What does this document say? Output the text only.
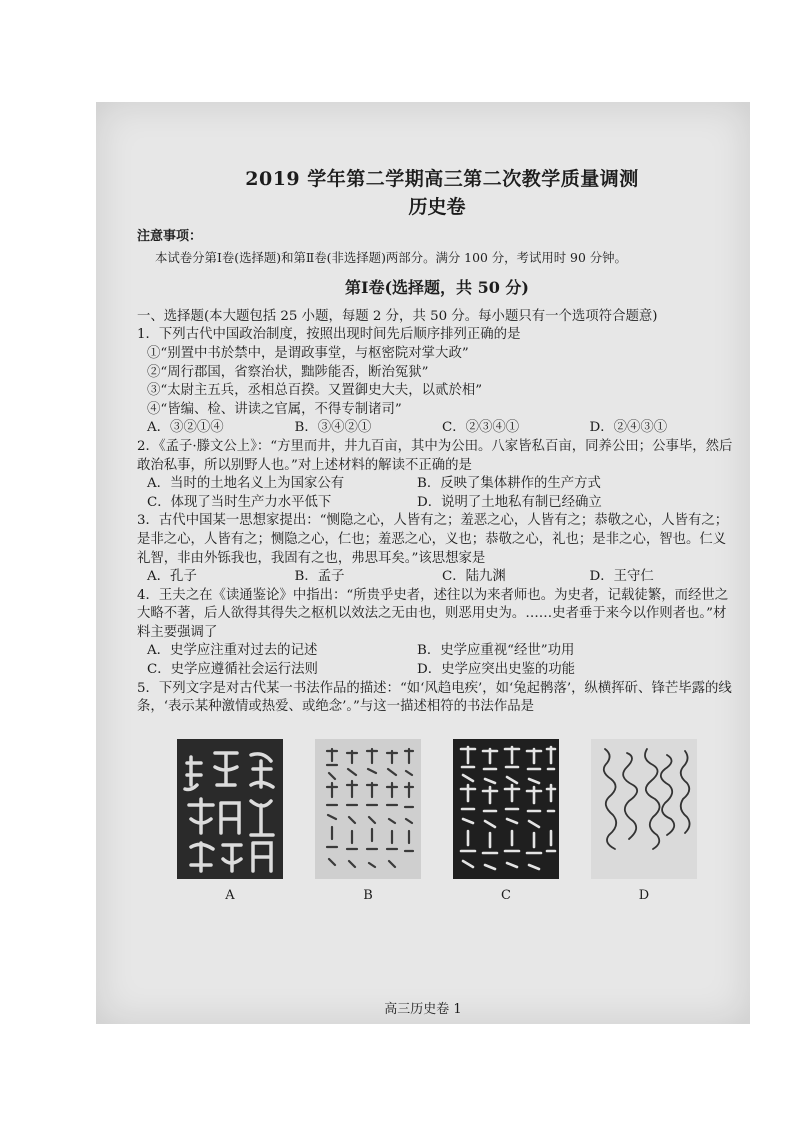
2019 学年第二学期高三第二次教学质量调测
历史卷
注意事项：
本试卷分第Ⅰ卷(选择题)和第Ⅱ卷(非选择题)两部分。满分 100 分，考试用时 90 分钟。
第Ⅰ卷(选择题，共 50 分)
一、选择题(本大题包括 25 小题，每题 2 分，共 50 分。每小题只有一个选项符合题意)
1．下列古代中国政治制度，按照出现时间先后顺序排列正确的是
①“别置中书於禁中，是谓政事堂，与枢密院对掌大政”
②“周行郡国，省察治状，黜陟能否，断治冤狱”
③“太尉主五兵，丞相总百揆。又置御史大夫，以贰於相”
④“皆编、检、讲读之官属，不得专制诸司”
A．③②①④	B．③④②①	C．②③④①	D．②④③①
2．《孟子·滕文公上》：“方里而井，井九百亩，其中为公田。八家皆私百亩，同养公田；公事毕，然后敢治私事，所以别野人也。”对上述材料的解读不正确的是
A．当时的土地名义上为国家公有	B．反映了集体耕作的生产方式
C．体现了当时生产力水平低下	D．说明了土地私有制已经确立
3．古代中国某一思想家提出：“恻隐之心，人皆有之；羞恶之心，人皆有之；恭敬之心，人皆有之；是非之心，人皆有之；恻隐之心，仁也；羞恶之心，义也；恭敬之心，礼也；是非之心，智也。仁义礼智，非由外铄我也，我固有之也，弗思耳矣。”该思想家是
A．孔子	B．孟子	C．陆九渊	D．王守仁
4．王夫之在《读通鉴论》中指出：“所贵乎史者，述往以为来者师也。为史者，记载徒繁，而经世之大略不著，后人欲得其得失之枢机以效法之无由也，则恶用史为。……史者垂于来今以作则者也。”材料主要强调了
A．史学应注重对过去的记述	B．史学应重视“经世”功用
C．史学应遵循社会运行法则	D．史学应突出史鉴的功能
5．下列文字是对古代某一书法作品的描述：“如‘风趋电疾’，如‘兔起鹘落’，纵横挥斫、锋芒毕露的线条，‘表示某种激情或热爱、或绝念’。”与这一描述相符的书法作品是
A	B	C	D
高三历史卷 1
